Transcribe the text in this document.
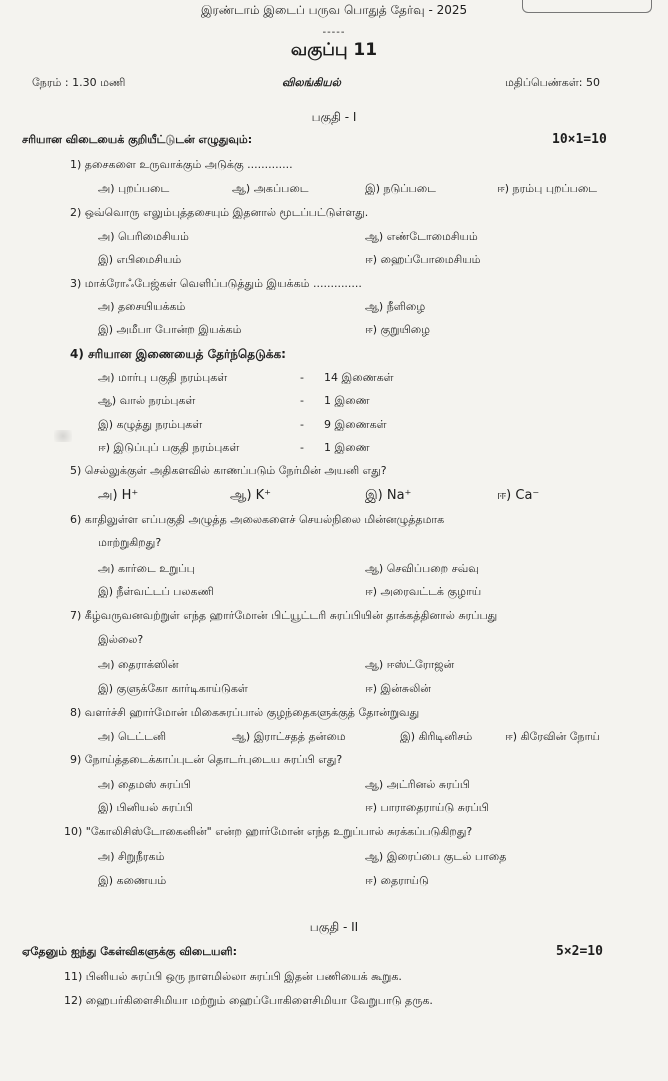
இரண்டாம் இடைப் பருவ பொதுத் தேர்வு - 2025
-----
வகுப்பு 11
நேரம் : 1.30 மணி	விலங்கியல்	மதிப்பெண்கள்: 50
பகுதி - I
சரியான விடையைக் குறியீட்டுடன் எழுதுவும்:	10×1=10
1) தசைகளை உருவாக்கும் அடுக்கு .............
அ) புறப்படை	ஆ) அகப்படை	இ) நடுப்படை	ஈ) நரம்பு புறப்படை
2) ஒவ்வொரு எலும்புத்தசையும் இதனால் மூடப்பட்டுள்ளது.
அ) பெரிமைசியம்	ஆ) எண்டோமைசியம்
இ) எபிமைசியம்	ஈ) ஹைப்போமைசியம்
3) மாக்ரோஃபேஜ்கள் வெளிப்படுத்தும் இயக்கம் ..............
அ) தசையியக்கம்	ஆ) நீளிழை
இ) அமீபா போன்ற இயக்கம்	ஈ) குறுயிழை
4) சரியான இணையைத் தேர்ந்தெடுக்க:
அ) மார்பு பகுதி நரம்புகள்	- 14 இணைகள்
ஆ) வால் நரம்புகள்	- 1 இணை
இ) கழுத்து நரம்புகள்	- 9 இணைகள்
ஈ) இடுப்புப் பகுதி நரம்புகள்	- 1 இணை
5) செல்லுக்குள் அதிகளவில் காணப்படும் நேர்மின் அயனி எது?
அ) H⁺	ஆ) K⁺	இ) Na⁺	ஈ) Ca⁻
6) காதிலுள்ள எப்பகுதி அழுத்த அலைகளைச் செயல்நிலை மின்னழுத்தமாக
மாற்றுகிறது?
அ) கார்டை உறுப்பு	ஆ) செவிப்பறை சவ்வு
இ) நீள்வட்டப் பலகணி	ஈ) அரைவட்டக் குழாய்
7) கீழ்வருவனவற்றுள் எந்த ஹார்மோன் பிட்யூட்டரி சுரப்பியின் தாக்கத்தினால் சுரப்பது
இல்லை?
அ) தைராக்ஸின்	ஆ) ஈஸ்ட்ரோஜன்
இ) குளுக்கோ கார்டிகாய்டுகள்	ஈ) இன்சுலின்
8) வளர்ச்சி ஹார்மோன் மிகைசுரப்பால் குழந்தைகளுக்குத் தோன்றுவது
அ) டெட்டனி	ஆ) இராட்சதத் தன்மை	இ) கிரிடினிசம்	ஈ) கிரேவின் நோய்
9) நோய்த்தடைக்காப்புடன் தொடர்புடைய சுரப்பி எது?
அ) தைமஸ் சுரப்பி	ஆ) அட்ரினல் சுரப்பி
இ) பினியல் சுரப்பி	ஈ) பாராதைராய்டு சுரப்பி
10) "கோலிசிஸ்டோகைனின்" என்ற ஹார்மோன் எந்த உறுப்பால் சுரக்கப்படுகிறது?
அ) சிறுநீரகம்	ஆ) இரைப்பை குடல் பாதை
இ) கணையம்	ஈ) தைராய்டு
பகுதி - II
ஏதேனும் ஐந்து கேள்விகளுக்கு விடையளி:	5×2=10
11) பினியல் சுரப்பி ஒரு நாளமில்லா சுரப்பி இதன் பணியைக் கூறுக.
12) ஹைபர்கிளைசிமியா மற்றும் ஹைப்போகிளைசிமியா வேறுபாடு தருக.
